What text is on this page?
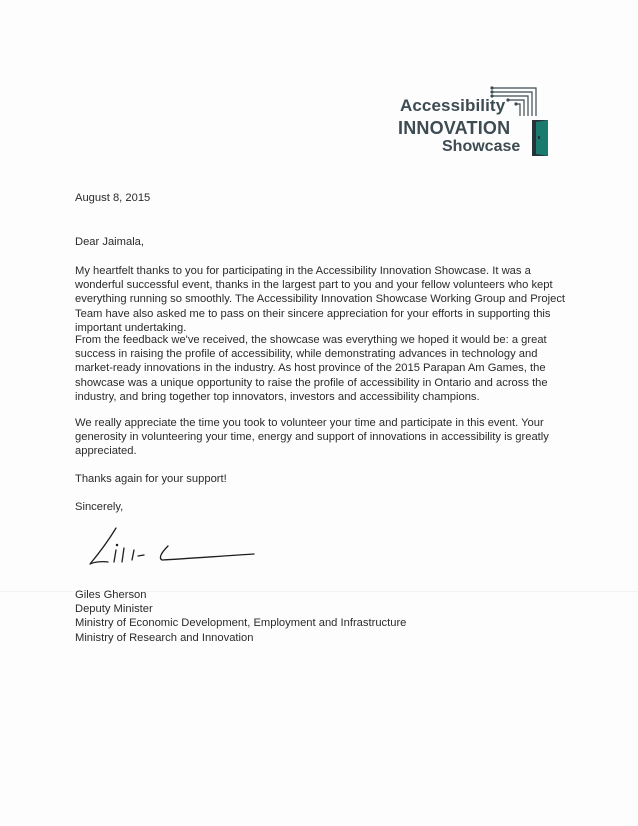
Accessibility
INNOVATION
Showcase
August 8, 2015
Dear Jaimala,

My heartfelt thanks to you for participating in the Accessibility Innovation Showcase. It was a wonderful successful event, thanks in the largest part to you and your fellow volunteers who kept everything running so smoothly. The Accessibility Innovation Showcase Working Group and Project Team have also asked me to pass on their sincere appreciation for your efforts in supporting this important undertaking.

From the feedback we've received, the showcase was everything we hoped it would be: a great success in raising the profile of accessibility, while demonstrating advances in technology and market-ready innovations in the industry. As host province of the 2015 Parapan Am Games, the showcase was a unique opportunity to raise the profile of accessibility in Ontario and across the industry, and bring together top innovators, investors and accessibility champions.

We really appreciate the time you took to volunteer your time and participate in this event. Your generosity in volunteering your time, energy and support of innovations in accessibility is greatly appreciated.

Thanks again for your support!
Sincerely,
Giles Gherson
Deputy Minister
Ministry of Economic Development, Employment and Infrastructure
Ministry of Research and Innovation
